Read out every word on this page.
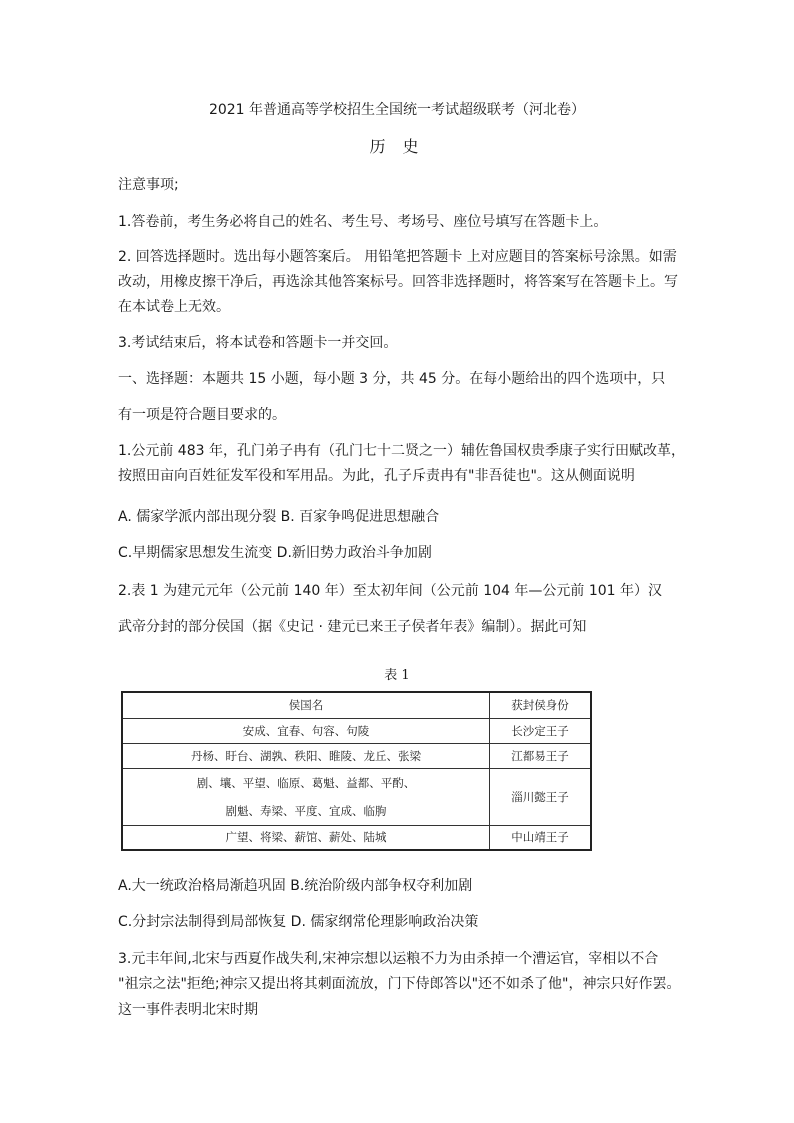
2021 年普通高等学校招生全国统一考试超级联考（河北卷）
历 史
注意事项;
1.答卷前，考生务必将自己的姓名、考生号、考场号、座位号填写在答题卡上。
2. 回答选择题时。选出每小题答案后。 用铅笔把答题卡 上对应题目的答案标号涂黑。如需
改动，用橡皮擦干净后，再选涂其他答案标号。回答非选择题时，将答案写在答题卡上。写
在本试卷上无效。
3.考试结束后，将本试卷和答题卡一并交回。
一、选择题：本题共 15 小题，每小题 3 分，共 45 分。在每小题给出的四个选项中，只
有一项是符合题目要求的。
1.公元前 483 年，孔门弟子冉有（孔门七十二贤之一）辅佐鲁国权贵季康子实行田赋改革，
按照田亩向百姓征发军役和军用品。为此，孔子斥责冉有"非吾徒也"。这从侧面说明
A. 儒家学派内部出现分裂 B. 百家争鸣促进思想融合
C.早期儒家思想发生流变 D.新旧势力政治斗争加剧
2.表 1 为建元元年（公元前 140 年）至太初年间（公元前 104 年—公元前 101 年）汉
武帝分封的部分侯国（据《史记 · 建元已来王子侯者年表》编制）。据此可知
表 1
侯国名	获封侯身份
安成、宜春、句容、句陵	长沙定王子
丹杨、盱台、湖孰、秩阳、睢陵、龙丘、张梁	江都易王子

剧、壤、平望、临原、葛魁、益都、平酌、
剧魁、寿梁、平度、宜成、临朐	淄川懿王子
广望、将梁、薪馆、薪处、陆城	中山靖王子
A.大一统政治格局渐趋巩固 B.统治阶级内部争权夺利加剧
C.分封宗法制得到局部恢复 D. 儒家纲常伦理影响政治决策
3.元丰年间,北宋与西夏作战失利,宋神宗想以运粮不力为由杀掉一个漕运官，宰相以不合
"祖宗之法"拒绝;神宗又提出将其刺面流放，门下侍郎答以"还不如杀了他"，神宗只好作罢。
这一事件表明北宋时期
